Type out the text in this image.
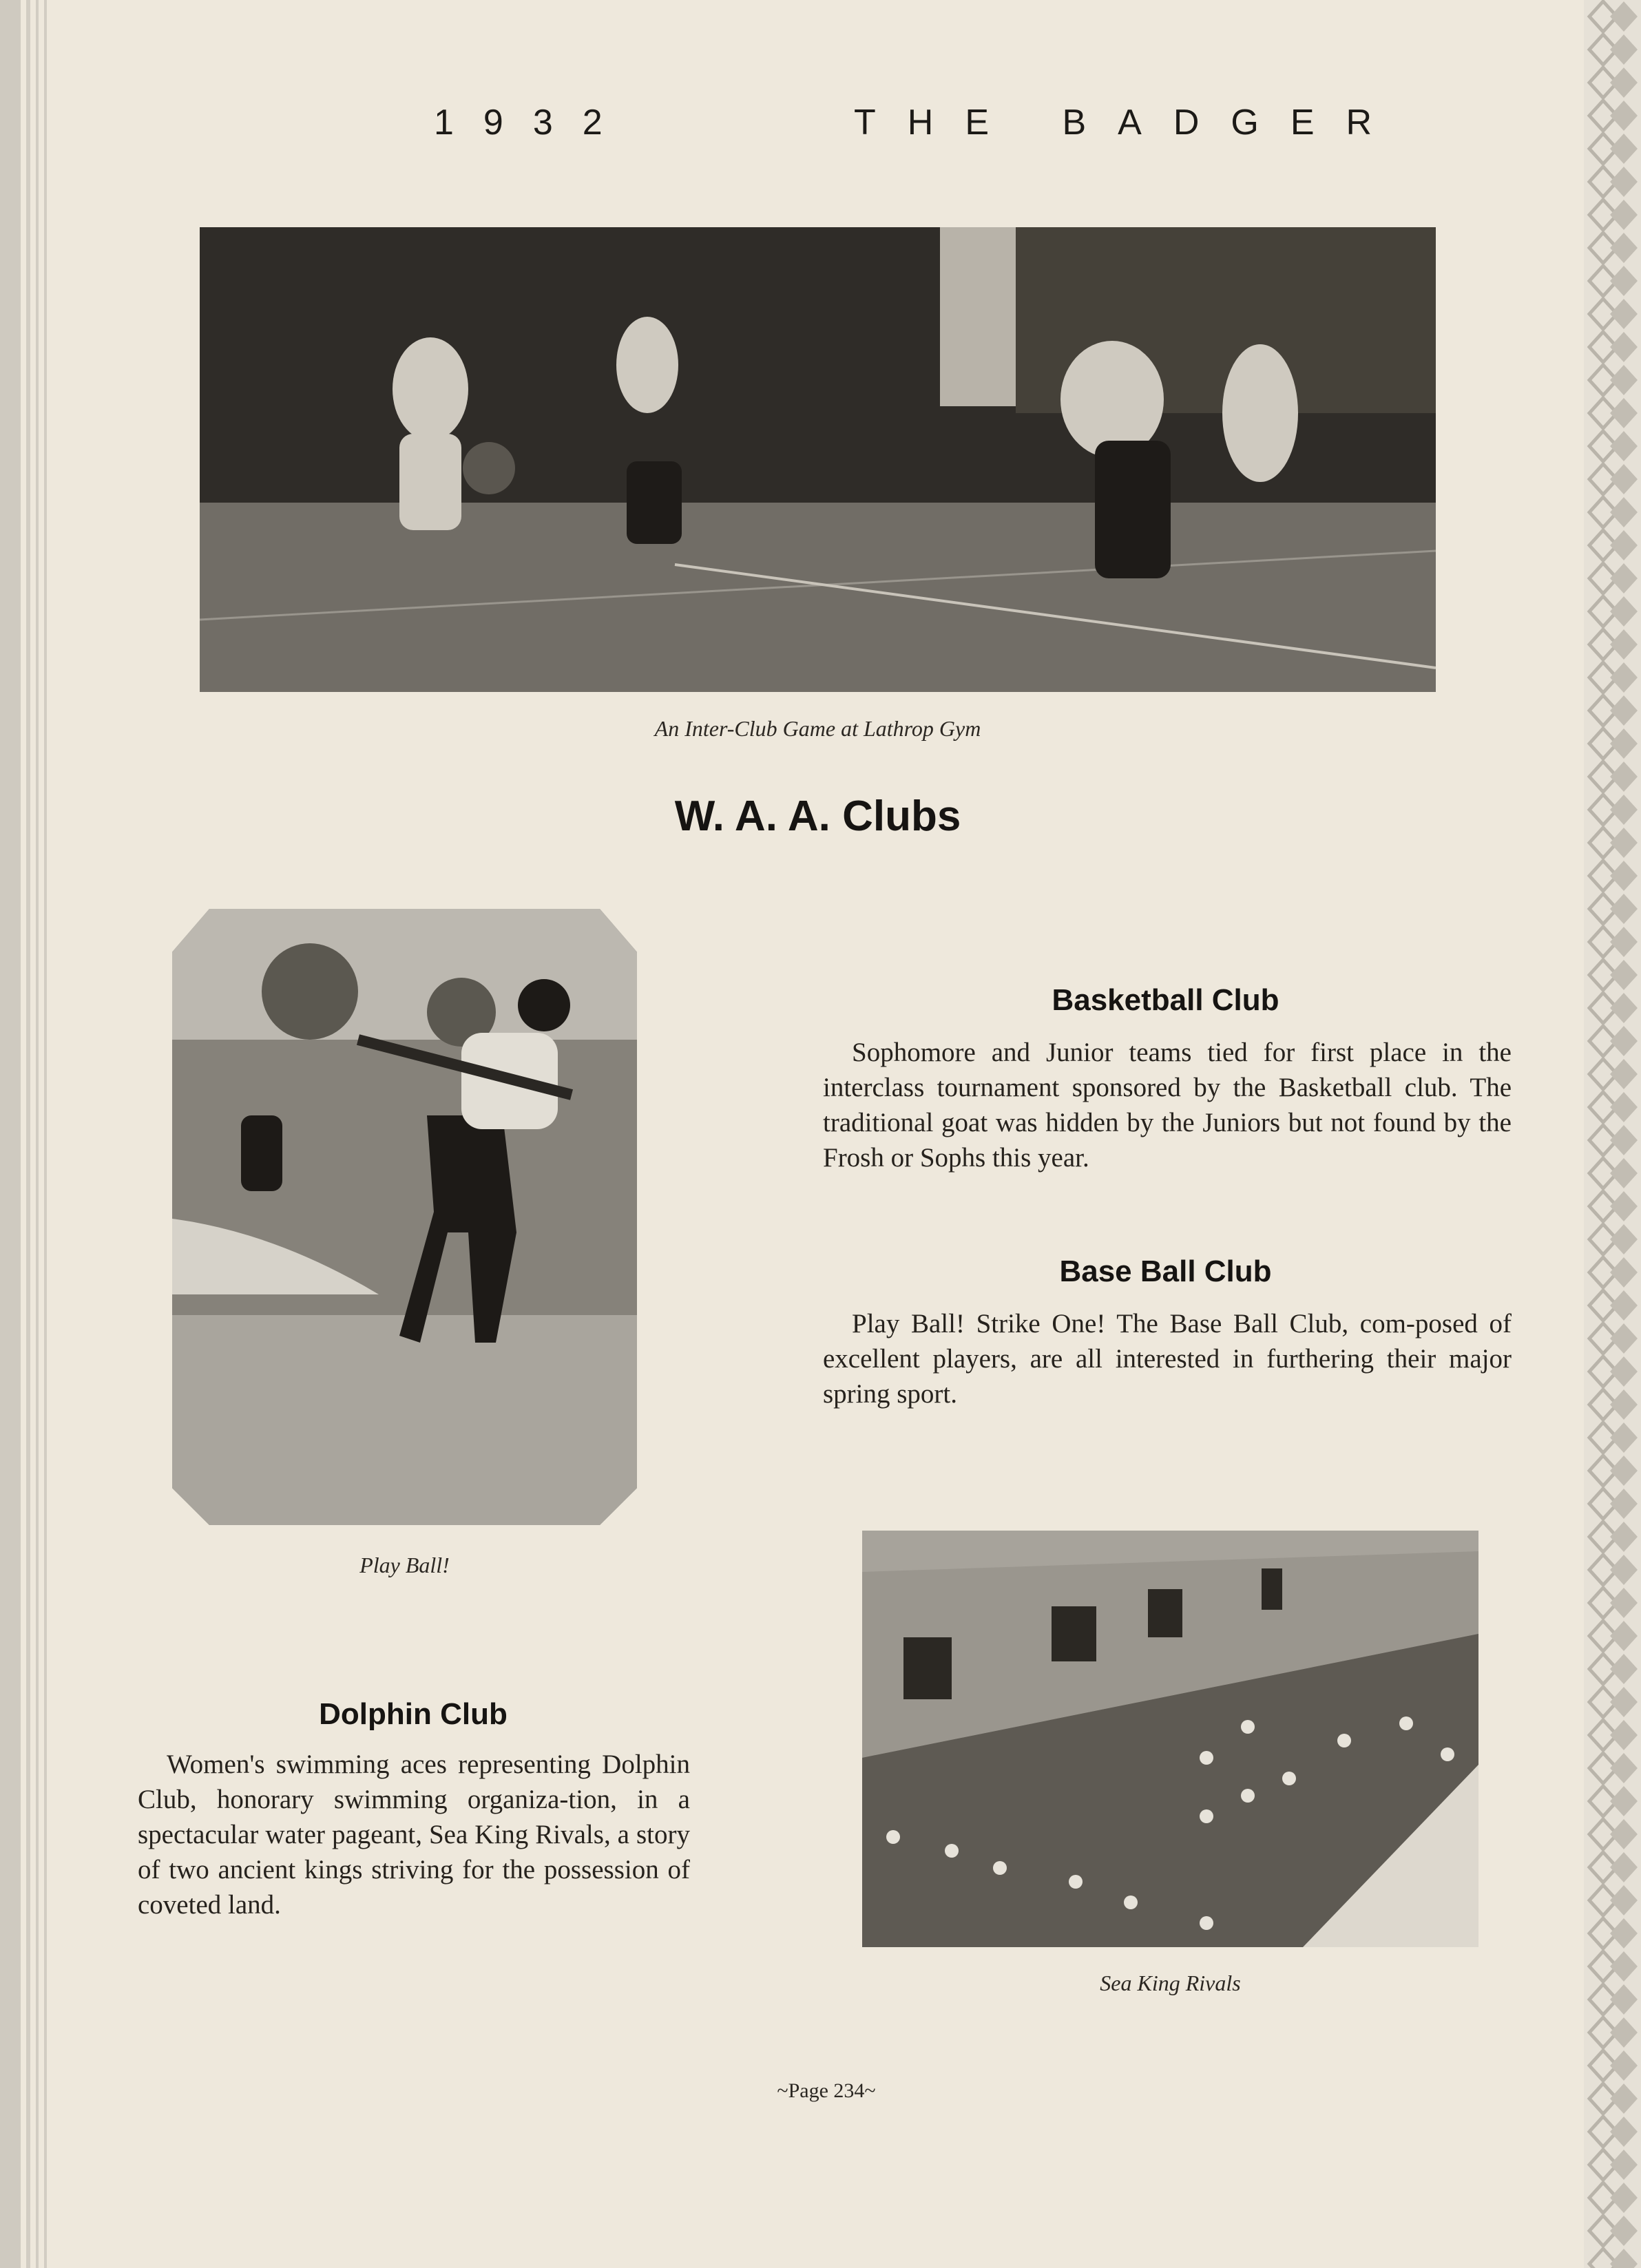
1932	THE BADGER
An Inter-Club Game at Lathrop Gym
W. A. A. Clubs
Play Ball!
Basketball Club
Sophomore and Junior teams tied for first place in the interclass tournament sponsored by the Basketball club. The traditional goat was hidden by the Juniors but not found by the Frosh or Sophs this year.
Base Ball Club
Play Ball! Strike One! The Base Ball Club, com-posed of excellent players, are all interested in furthering their major spring sport.
Sea King Rivals
Dolphin Club
Women's swimming aces representing Dolphin Club, honorary swimming organiza-tion, in a spectacular water pageant, Sea King Rivals, a story of two ancient kings striving for the possession of coveted land.
~Page 234~
